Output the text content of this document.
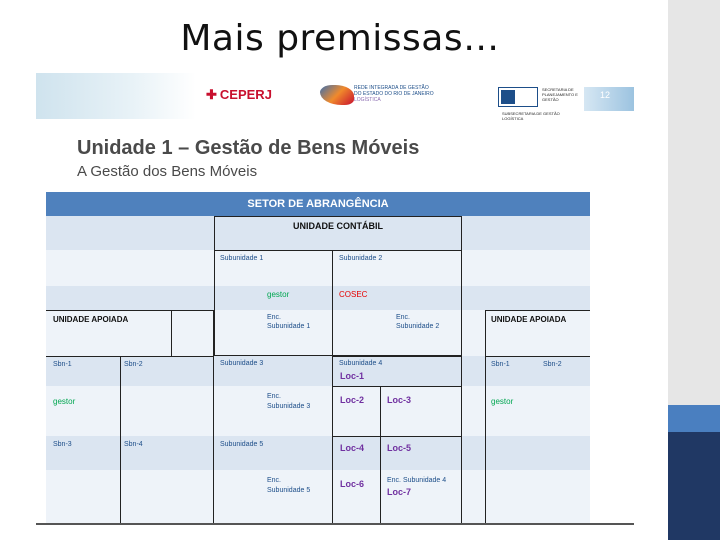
Mais premissas…
12
✚ CEPERJ	REDE INTEGRADA DE GESTÃO
DO ESTADO DO RIO DE JANEIRO
LOGÍSTICA
SECRETARIA DE PLANEJAMENTO E GESTÃO
SUBSECRETARIA DE GESTÃO LOGÍSTICA
Unidade 1 – Gestão de Bens Móveis
A Gestão dos Bens Móveis
SETOR DE ABRANGÊNCIA
UNIDADE CONTÁBIL
Subunidade 1	Subunidade 2
gestor	COSEC
Enc.
Subunidade 1
Enc.
Subunidade 2
UNIDADE APOIADA
Sbn-1	Sbn-2
gestor
Sbn-3	Sbn-4
UNIDADE APOIADA
Sbn-1	Sbn-2
gestor
Subunidade 3	Subunidade 4
Loc-1
Enc.
Subunidade 3
Loc-2	Loc-3
Subunidade 5	Loc-4	Loc-5
Enc.
Subunidade 5
Loc-6	Enc. Subunidade 4
Loc-7
